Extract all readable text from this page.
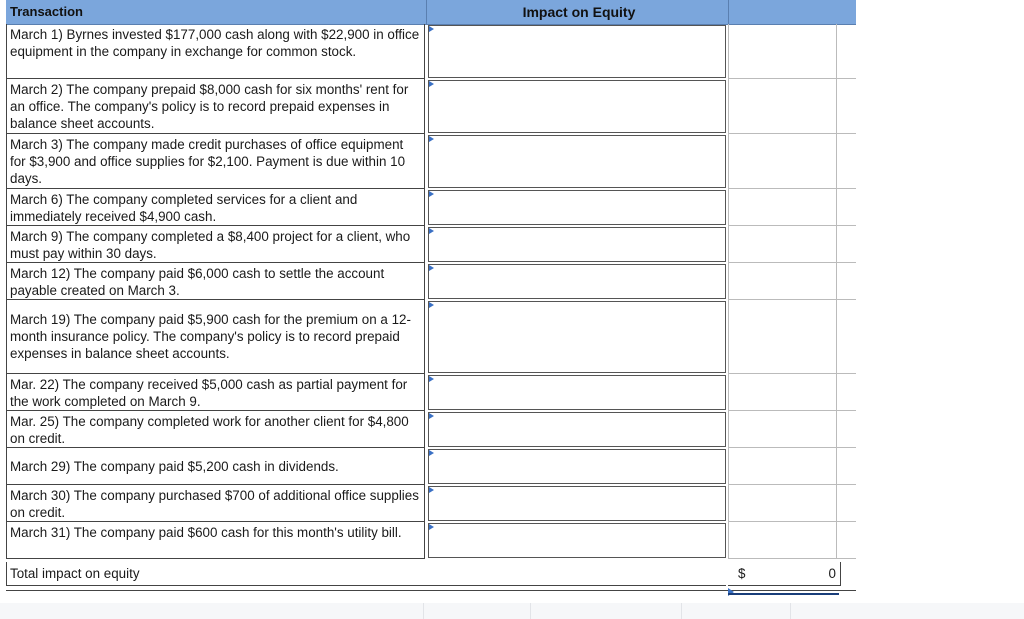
Transaction	Impact on Equity
March 1) Byrnes invested $177,000 cash along with $22,900 in office equipment in the company in exchange for common stock.
March 2) The company prepaid $8,000 cash for six months' rent for an office. The company's policy is to record prepaid expenses in balance sheet accounts.
March 3) The company made credit purchases of office equipment for $3,900 and office supplies for $2,100. Payment is due within 10 days.
March 6) The company completed services for a client and immediately received $4,900 cash.
March 9) The company completed a $8,400 project for a client, who must pay within 30 days.
March 12) The company paid $6,000 cash to settle the account payable created on March 3.
March 19) The company paid $5,900 cash for the premium on a 12-month insurance policy. The company's policy is to record prepaid expenses in balance sheet accounts.
Mar. 22) The company received $5,000 cash as partial payment for the work completed on March 9.
Mar. 25) The company completed work for another client for $4,800 on credit.
March 29) The company paid $5,200 cash in dividends.
March 30) The company purchased $700 of additional office supplies on credit.
March 31) The company paid $600 cash for this month's utility bill.
Total impact on equity	$	0
